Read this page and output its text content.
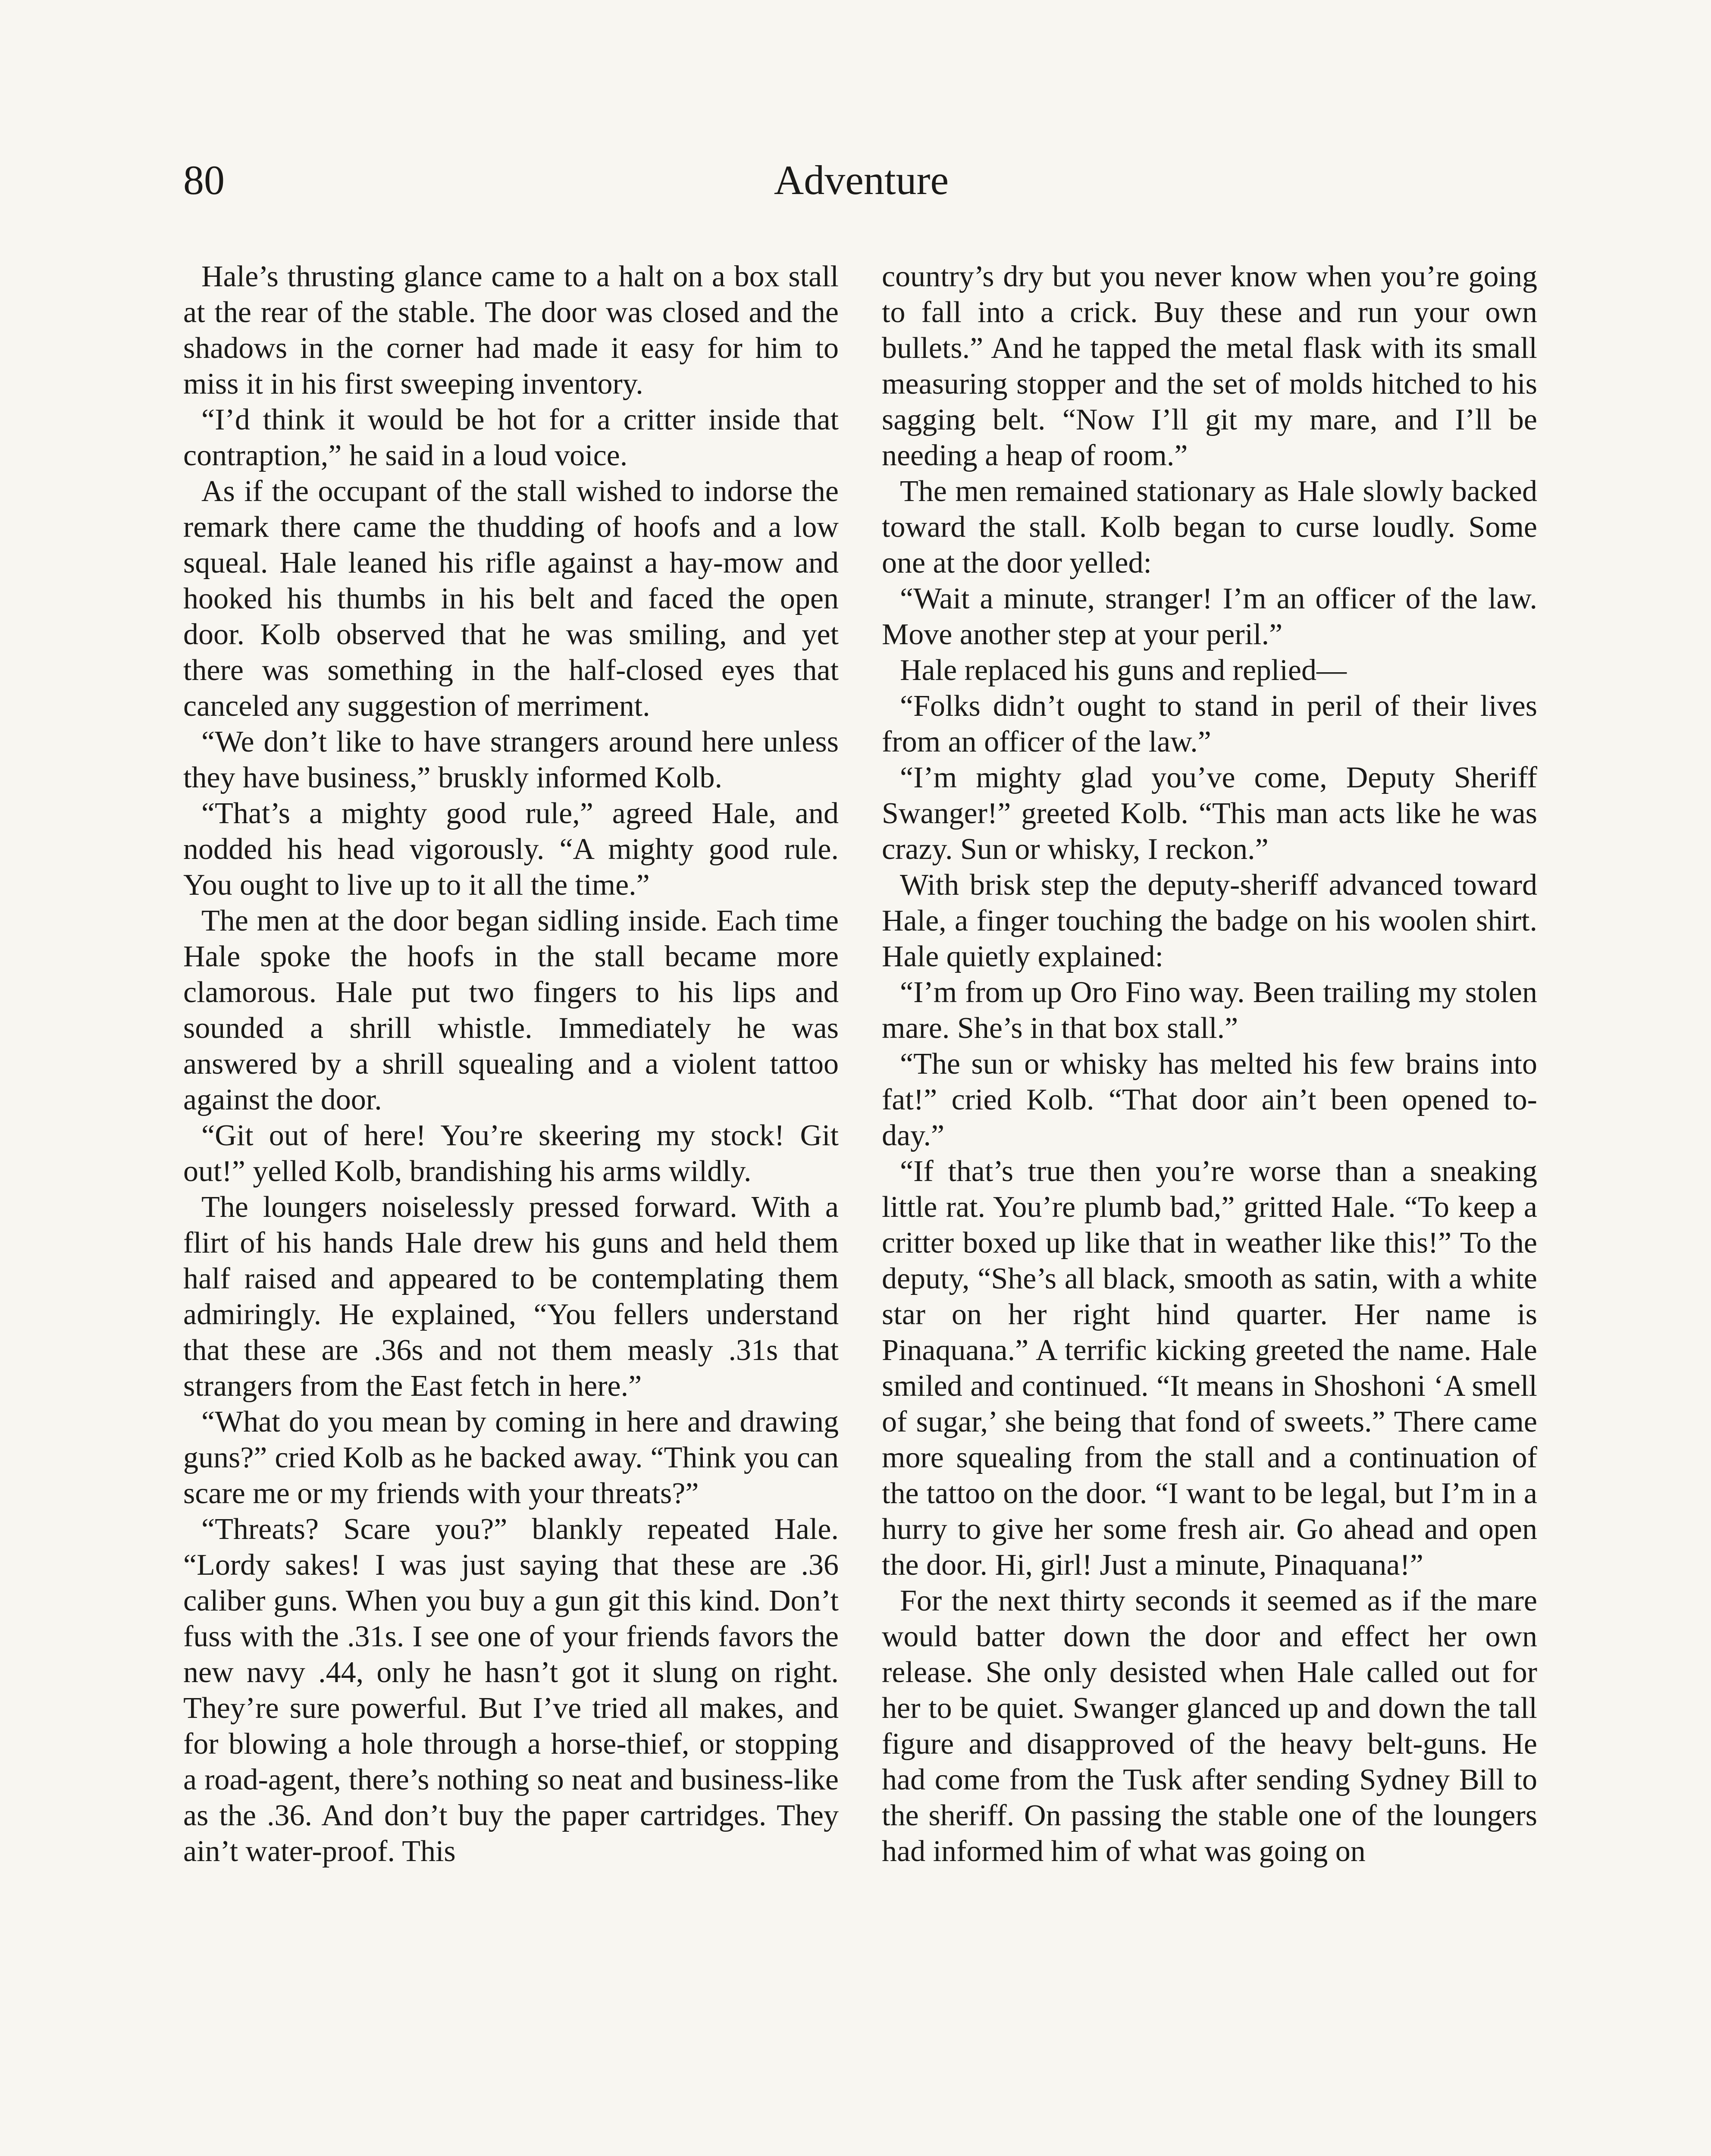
80	Adventure

Hale’s thrusting glance came to a halt on a box stall at the rear of the stable. The door was closed and the shadows in the corner had made it easy for him to miss it in his first sweeping inventory.

“I’d think it would be hot for a critter inside that contraption,” he said in a loud voice.

As if the occupant of the stall wished to indorse the remark there came the thudding of hoofs and a low squeal. Hale leaned his rifle against a hay-mow and hooked his thumbs in his belt and faced the open door. Kolb observed that he was smiling, and yet there was something in the half-closed eyes that canceled any suggestion of merriment.

“We don’t like to have strangers around here unless they have business,” bruskly informed Kolb.

“That’s a mighty good rule,” agreed Hale, and nodded his head vigorously. “A mighty good rule. You ought to live up to it all the time.”

The men at the door began sidling inside. Each time Hale spoke the hoofs in the stall became more clamorous. Hale put two fingers to his lips and sounded a shrill whistle. Immediately he was answered by a shrill squealing and a violent tattoo against the door.

“Git out of here! You’re skeering my stock! Git out!” yelled Kolb, brandishing his arms wildly.

The loungers noiselessly pressed forward. With a flirt of his hands Hale drew his guns and held them half raised and appeared to be contemplating them admiringly. He explained, “You fellers understand that these are .36s and not them measly .31s that strangers from the East fetch in here.”

“What do you mean by coming in here and drawing guns?” cried Kolb as he backed away. “Think you can scare me or my friends with your threats?”

“Threats? Scare you?” blankly repeated Hale. “Lordy sakes! I was just saying that these are .36 caliber guns. When you buy a gun git this kind. Don’t fuss with the .31s. I see one of your friends favors the new navy .44, only he hasn’t got it slung on right. They’re sure powerful. But I’ve tried all makes, and for blowing a hole through a horse-thief, or stopping a road-agent, there’s nothing so neat and business-like as the .36. And don’t buy the paper cartridges. They ain’t water-proof. This

country’s dry but you never know when you’re going to fall into a crick. Buy these and run your own bullets.” And he tapped the metal flask with its small measuring stopper and the set of molds hitched to his sagging belt. “Now I’ll git my mare, and I’ll be needing a heap of room.”

The men remained stationary as Hale slowly backed toward the stall. Kolb began to curse loudly. Some one at the door yelled:

“Wait a minute, stranger! I’m an officer of the law. Move another step at your peril.”

Hale replaced his guns and replied—

“Folks didn’t ought to stand in peril of their lives from an officer of the law.”

“I’m mighty glad you’ve come, Deputy Sheriff Swanger!” greeted Kolb. “This man acts like he was crazy. Sun or whisky, I reckon.”

With brisk step the deputy-sheriff advanced toward Hale, a finger touching the badge on his woolen shirt. Hale quietly explained:

“I’m from up Oro Fino way. Been trailing my stolen mare. She’s in that box stall.”

“The sun or whisky has melted his few brains into fat!” cried Kolb. “That door ain’t been opened to-day.”

“If that’s true then you’re worse than a sneaking little rat. You’re plumb bad,” gritted Hale. “To keep a critter boxed up like that in weather like this!” To the deputy, “She’s all black, smooth as satin, with a white star on her right hind quarter. Her name is Pinaquana.” A terrific kicking greeted the name. Hale smiled and continued. “It means in Shoshoni ‘A smell of sugar,’ she being that fond of sweets.” There came more squealing from the stall and a continuation of the tattoo on the door. “I want to be legal, but I’m in a hurry to give her some fresh air. Go ahead and open the door. Hi, girl! Just a minute, Pinaquana!”

For the next thirty seconds it seemed as if the mare would batter down the door and effect her own release. She only desisted when Hale called out for her to be quiet. Swanger glanced up and down the tall figure and disapproved of the heavy belt-guns. He had come from the Tusk after sending Sydney Bill to the sheriff. On passing the stable one of the loungers had informed him of what was going on
